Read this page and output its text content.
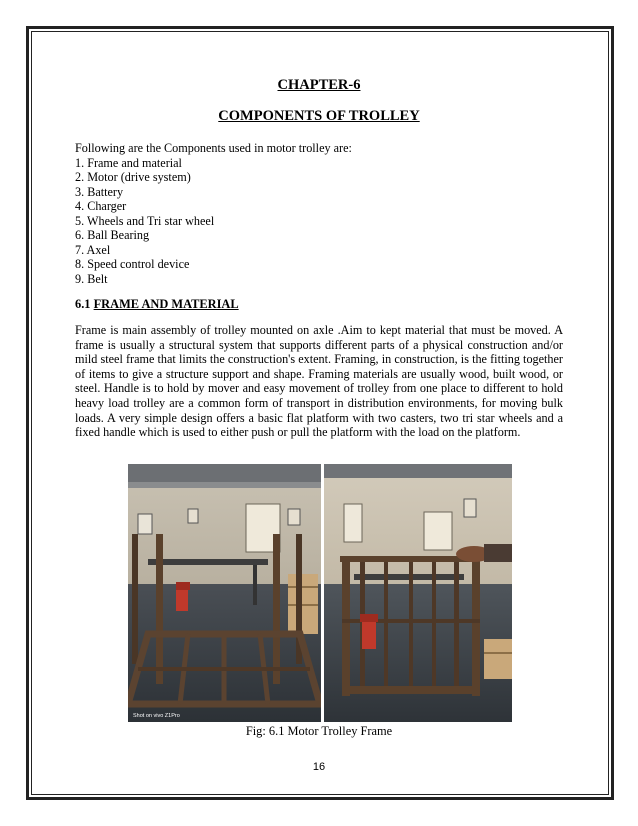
CHAPTER-6
COMPONENTS OF TROLLEY
Following are the Components used in motor trolley are:
1. Frame and material
2. Motor (drive system)
3. Battery
4. Charger
5. Wheels and Tri star wheel
6. Ball Bearing
7. Axel
8. Speed control device
9. Belt
6.1 FRAME AND MATERIAL
Frame is main assembly of trolley mounted on axle .Aim to kept material that must be moved. A frame is usually a structural system that supports different parts of a physical construction and/or mild steel frame that limits the construction's extent. Framing, in construction, is the fitting together of items to give a structure support and shape. Framing materials are usually wood, built wood, or steel. Handle is to hold by mover and easy movement of trolley from one place to different to hold heavy load trolley are a common form of transport in distribution environments, for moving bulk loads. A very simple design offers a basic flat platform with two casters, two tri star wheels and a fixed handle which is used to either push or pull the platform with the load on the platform.
Shot on vivo Z1Pro
Fig: 6.1 Motor Trolley Frame
16
